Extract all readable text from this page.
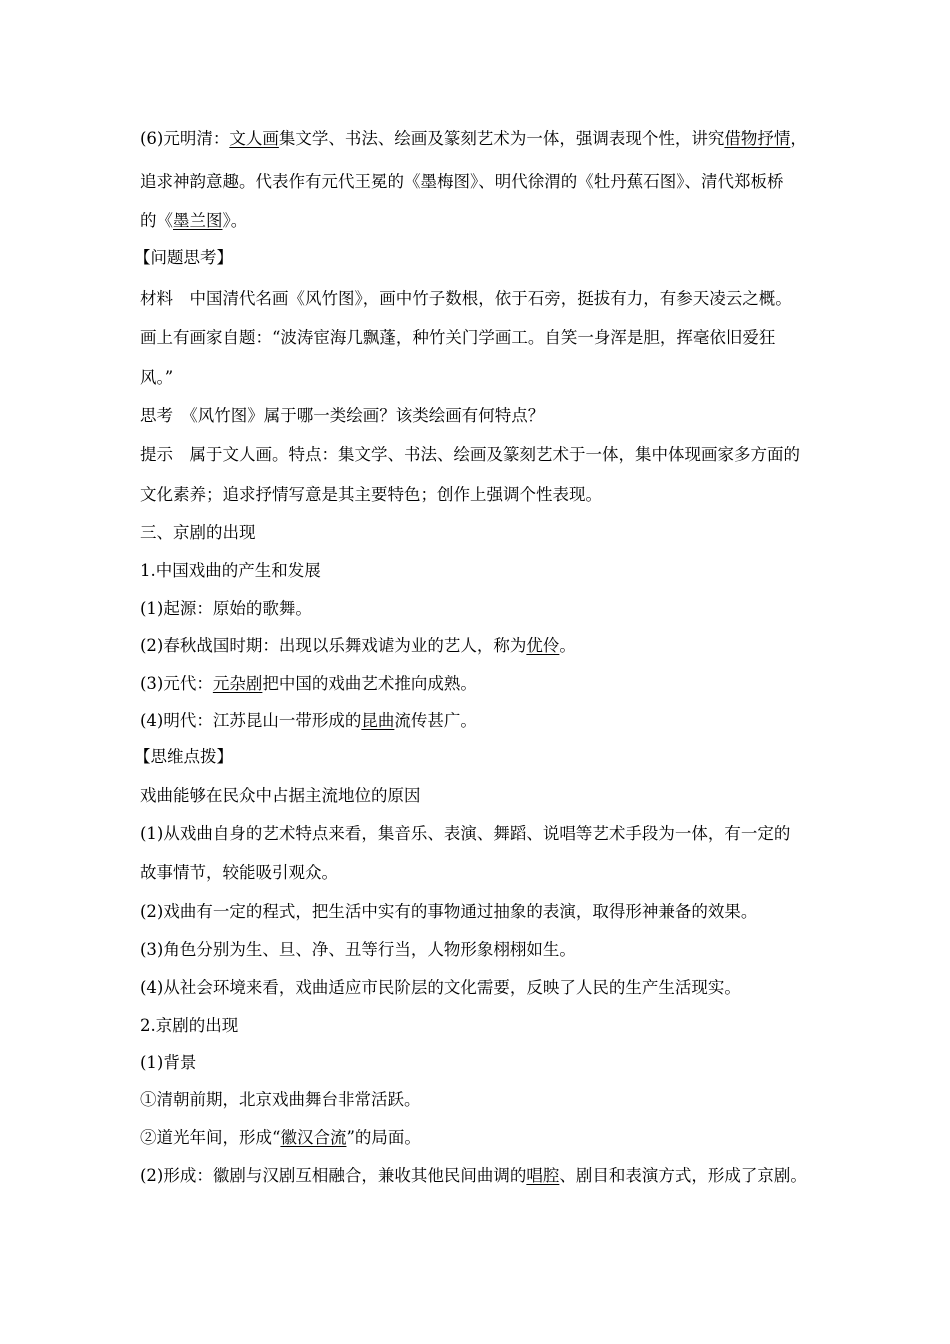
(6)元明清：文人画集文学、书法、绘画及篆刻艺术为一体，强调表现个性，讲究借物抒情，
追求神韵意趣。代表作有元代王冕的《墨梅图》、明代徐渭的《牡丹蕉石图》、清代郑板桥
的《墨兰图》。
【问题思考】
材料　中国清代名画《风竹图》，画中竹子数根，依于石旁，挺拔有力，有参天凌云之概。
画上有画家自题：“波涛宦海几飘蓬，种竹关门学画工。自笑一身浑是胆，挥毫依旧爱狂
风。”
思考　《风竹图》属于哪一类绘画？该类绘画有何特点？
提示　属于文人画。特点：集文学、书法、绘画及篆刻艺术于一体，集中体现画家多方面的
文化素养；追求抒情写意是其主要特色；创作上强调个性表现。
三、京剧的出现
1.中国戏曲的产生和发展
(1)起源：原始的歌舞。
(2)春秋战国时期：出现以乐舞戏谑为业的艺人，称为优伶。
(3)元代：元杂剧把中国的戏曲艺术推向成熟。
(4)明代：江苏昆山一带形成的昆曲流传甚广。
【思维点拨】
戏曲能够在民众中占据主流地位的原因
(1)从戏曲自身的艺术特点来看，集音乐、表演、舞蹈、说唱等艺术手段为一体，有一定的
故事情节，较能吸引观众。
(2)戏曲有一定的程式，把生活中实有的事物通过抽象的表演，取得形神兼备的效果。
(3)角色分别为生、旦、净、丑等行当，人物形象栩栩如生。
(4)从社会环境来看，戏曲适应市民阶层的文化需要，反映了人民的生产生活现实。
2.京剧的出现
(1)背景
①清朝前期，北京戏曲舞台非常活跃。
②道光年间，形成“徽汉合流”的局面。
(2)形成：徽剧与汉剧互相融合，兼收其他民间曲调的唱腔、剧目和表演方式，形成了京剧。
